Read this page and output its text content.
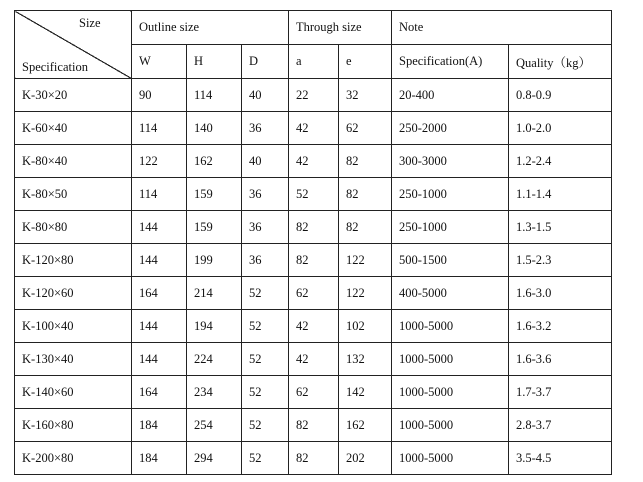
Size
Specification	Outline size			Through size		Note	
	W	H	D	a	e	Specification(A)	Quality（kg）
K-30×20	90	114	40	22	32	20-400	0.8-0.9
K-60×40	114	140	36	42	62	250-2000	1.0-2.0
K-80×40	122	162	40	42	82	300-3000	1.2-2.4
K-80×50	114	159	36	52	82	250-1000	1.1-1.4
K-80×80	144	159	36	82	82	250-1000	1.3-1.5
K-120×80	144	199	36	82	122	500-1500	1.5-2.3
K-120×60	164	214	52	62	122	400-5000	1.6-3.0
K-100×40	144	194	52	42	102	1000-5000	1.6-3.2
K-130×40	144	224	52	42	132	1000-5000	1.6-3.6
K-140×60	164	234	52	62	142	1000-5000	1.7-3.7
K-160×80	184	254	52	82	162	1000-5000	2.8-3.7
K-200×80	184	294	52	82	202	1000-5000	3.5-4.5
